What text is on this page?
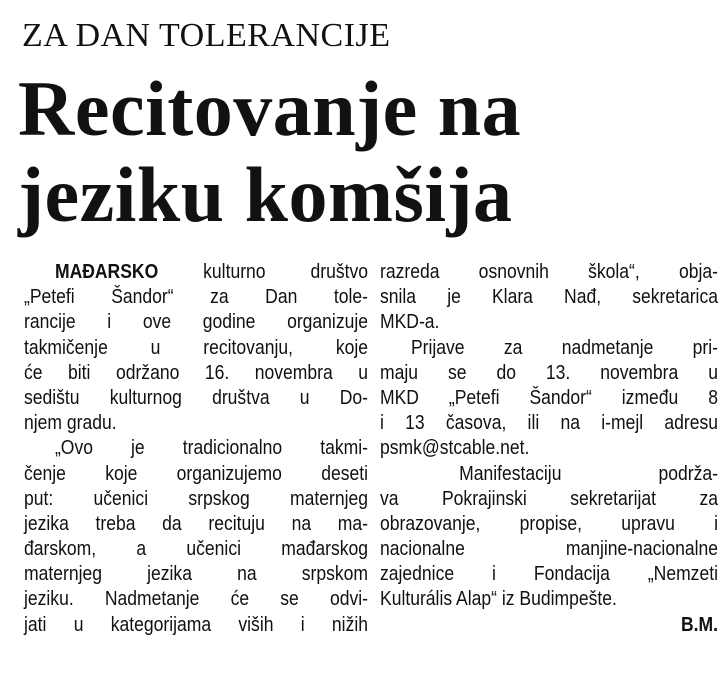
ZA DAN TOLERANCIJE
Recitovanje na
jeziku komšija
MAĐARSKO kulturno društvo
„Petefi Šandor“ za Dan tole-
rancije i ove godine organizuje
takmičenje u recitovanju, koje
će biti održano 16. novembra u
sedištu kulturnog društva u Do-
njem gradu.
„Ovo je tradicionalno takmi-
čenje koje organizujemo deseti
put: učenici srpskog maternjeg
jezika treba da recituju na ma-
đarskom, a učenici mađarskog
maternjeg jezika na srpskom
jeziku. Nadmetanje će se odvi-
jati u kategorijama viših i nižih
razreda osnovnih škola“, obja-
snila je Klara Nađ, sekretarica
MKD-a.
Prijave za nadmetanje pri-
maju se do 13. novembra u
MKD „Petefi Šandor“ između 8
i 13 časova, ili na i-mejl adresu
psmk@stcable.net.
Manifestaciju podrža-
va Pokrajinski sekretarijat za
obrazovanje, propise, upravu i
nacionalne manjine-nacionalne
zajednice i Fondacija „Nemzeti
Kulturális Alap“ iz Budimpešte.
B.M.
